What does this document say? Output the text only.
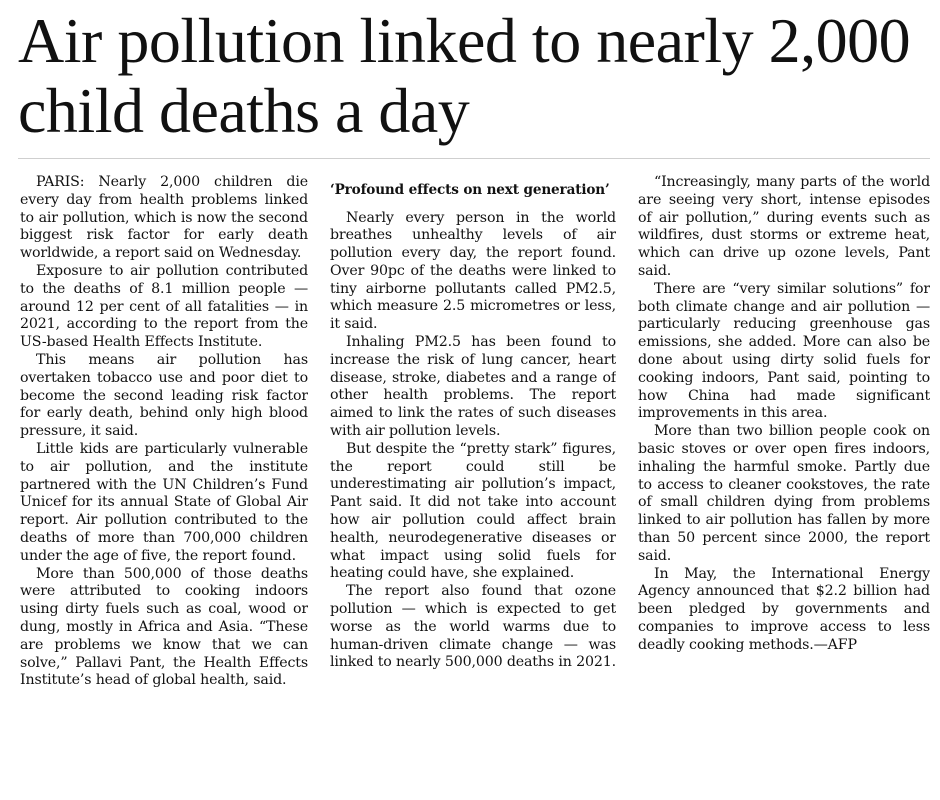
Air pollution linked to nearly 2,000 child deaths a day

PARIS: Nearly 2,000 children die every day from health problems linked to air pollution, which is now the second biggest risk factor for early death worldwide, a report said on Wednesday.

Exposure to air pollution contributed to the deaths of 8.1 million people — around 12 per cent of all fatalities — in 2021, according to the report from the US-based Health Effects Institute.

This means air pollution has overtaken tobacco use and poor diet to become the second leading risk factor for early death, behind only high blood pressure, it said.

Little kids are particularly vulnerable to air pollution, and the institute partnered with the UN Children’s Fund Unicef for its annual State of Global Air report. Air pollution contributed to the deaths of more than 700,000 children under the age of five, the report found.

More than 500,000 of those deaths were attributed to cooking indoors using dirty fuels such as coal, wood or dung, mostly in Africa and Asia. “These are problems we know that we can solve,” Pallavi Pant, the Health Effects Institute’s head of global health, said.

‘Profound effects on next generation’

Nearly every person in the world breathes unhealthy levels of air pollution every day, the report found. Over 90pc of the deaths were linked to tiny airborne pollutants called PM2.5, which measure 2.5 micrometres or less, it said.

Inhaling PM2.5 has been found to increase the risk of lung cancer, heart disease, stroke, diabetes and a range of other health problems. The report aimed to link the rates of such diseases with air pollution levels.

But despite the “pretty stark” figures, the report could still be underestimating air pollution’s impact, Pant said. It did not take into account how air pollution could affect brain health, neurodegenerative diseases or what impact using solid fuels for heating could have, she explained.

The report also found that ozone pollution — which is expected to get worse as the world warms due to human-driven climate change — was linked to nearly 500,000 deaths in 2021.

“Increasingly, many parts of the world are seeing very short, intense episodes of air pollution,” during events such as wildfires, dust storms or extreme heat, which can drive up ozone levels, Pant said.

There are “very similar solutions” for both climate change and air pollution — particularly reducing greenhouse gas emissions, she added. More can also be done about using dirty solid fuels for cooking indoors, Pant said, pointing to how China had made significant improvements in this area.

More than two billion people cook on basic stoves or over open fires indoors, inhaling the harmful smoke. Partly due to access to cleaner cookstoves, the rate of small children dying from problems linked to air pollution has fallen by more than 50 percent since 2000, the report said.

In May, the International Energy Agency announced that $2.2 billion had been pledged by governments and companies to improve access to less deadly cooking methods.—AFP
